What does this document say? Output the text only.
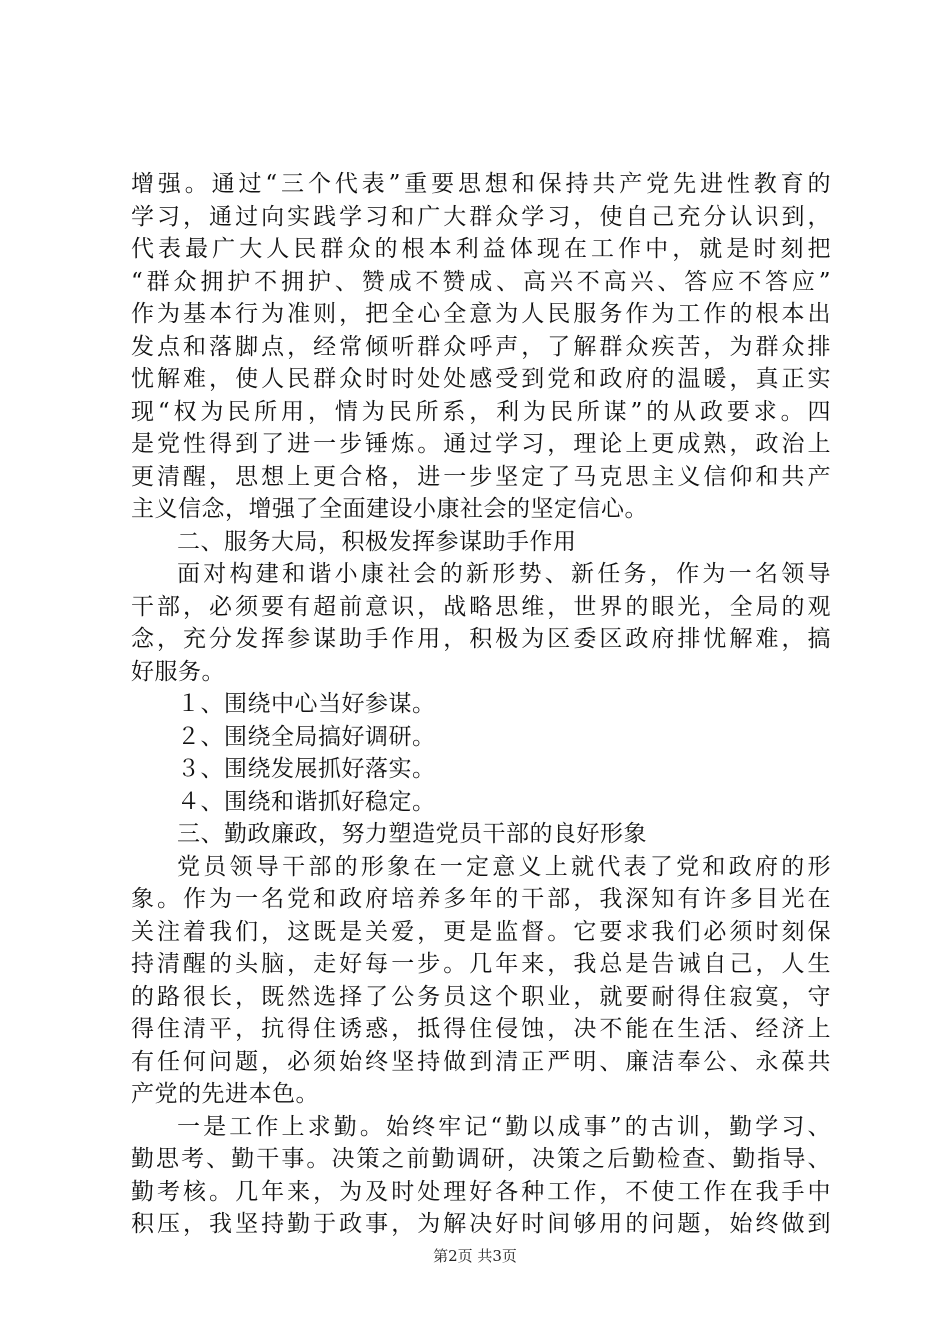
增强。通过“三个代表”重要思想和保持共产党先进性教育的
学习，通过向实践学习和广大群众学习，使自己充分认识到，
代表最广大人民群众的根本利益体现在工作中，就是时刻把
“群众拥护不拥护、赞成不赞成、高兴不高兴、答应不答应”
作为基本行为准则，把全心全意为人民服务作为工作的根本出
发点和落脚点，经常倾听群众呼声，了解群众疾苦，为群众排
忧解难，使人民群众时时处处感受到党和政府的温暖，真正实
现“权为民所用，情为民所系，利为民所谋”的从政要求。四
是党性得到了进一步锤炼。通过学习，理论上更成熟，政治上
更清醒，思想上更合格，进一步坚定了马克思主义信仰和共产
主义信念，增强了全面建设小康社会的坚定信心。
二、服务大局，积极发挥参谋助手作用
面对构建和谐小康社会的新形势、新任务，作为一名领导
干部，必须要有超前意识，战略思维，世界的眼光，全局的观
念，充分发挥参谋助手作用，积极为区委区政府排忧解难，搞
好服务。
１、围绕中心当好参谋。
２、围绕全局搞好调研。
３、围绕发展抓好落实。
４、围绕和谐抓好稳定。
三、勤政廉政，努力塑造党员干部的良好形象
党员领导干部的形象在一定意义上就代表了党和政府的形
象。作为一名党和政府培养多年的干部，我深知有许多目光在
关注着我们，这既是关爱，更是监督。它要求我们必须时刻保
持清醒的头脑，走好每一步。几年来，我总是告诫自己，人生
的路很长，既然选择了公务员这个职业，就要耐得住寂寞，守
得住清平，抗得住诱惑，抵得住侵蚀，决不能在生活、经济上
有任何问题，必须始终坚持做到清正严明、廉洁奉公、永葆共
产党的先进本色。
一是工作上求勤。始终牢记“勤以成事”的古训，勤学习、
勤思考、勤干事。决策之前勤调研，决策之后勤检查、勤指导、
勤考核。几年来，为及时处理好各种工作，不使工作在我手中
积压，我坚持勤于政事，为解决好时间够用的问题，始终做到
第2页 共3页
